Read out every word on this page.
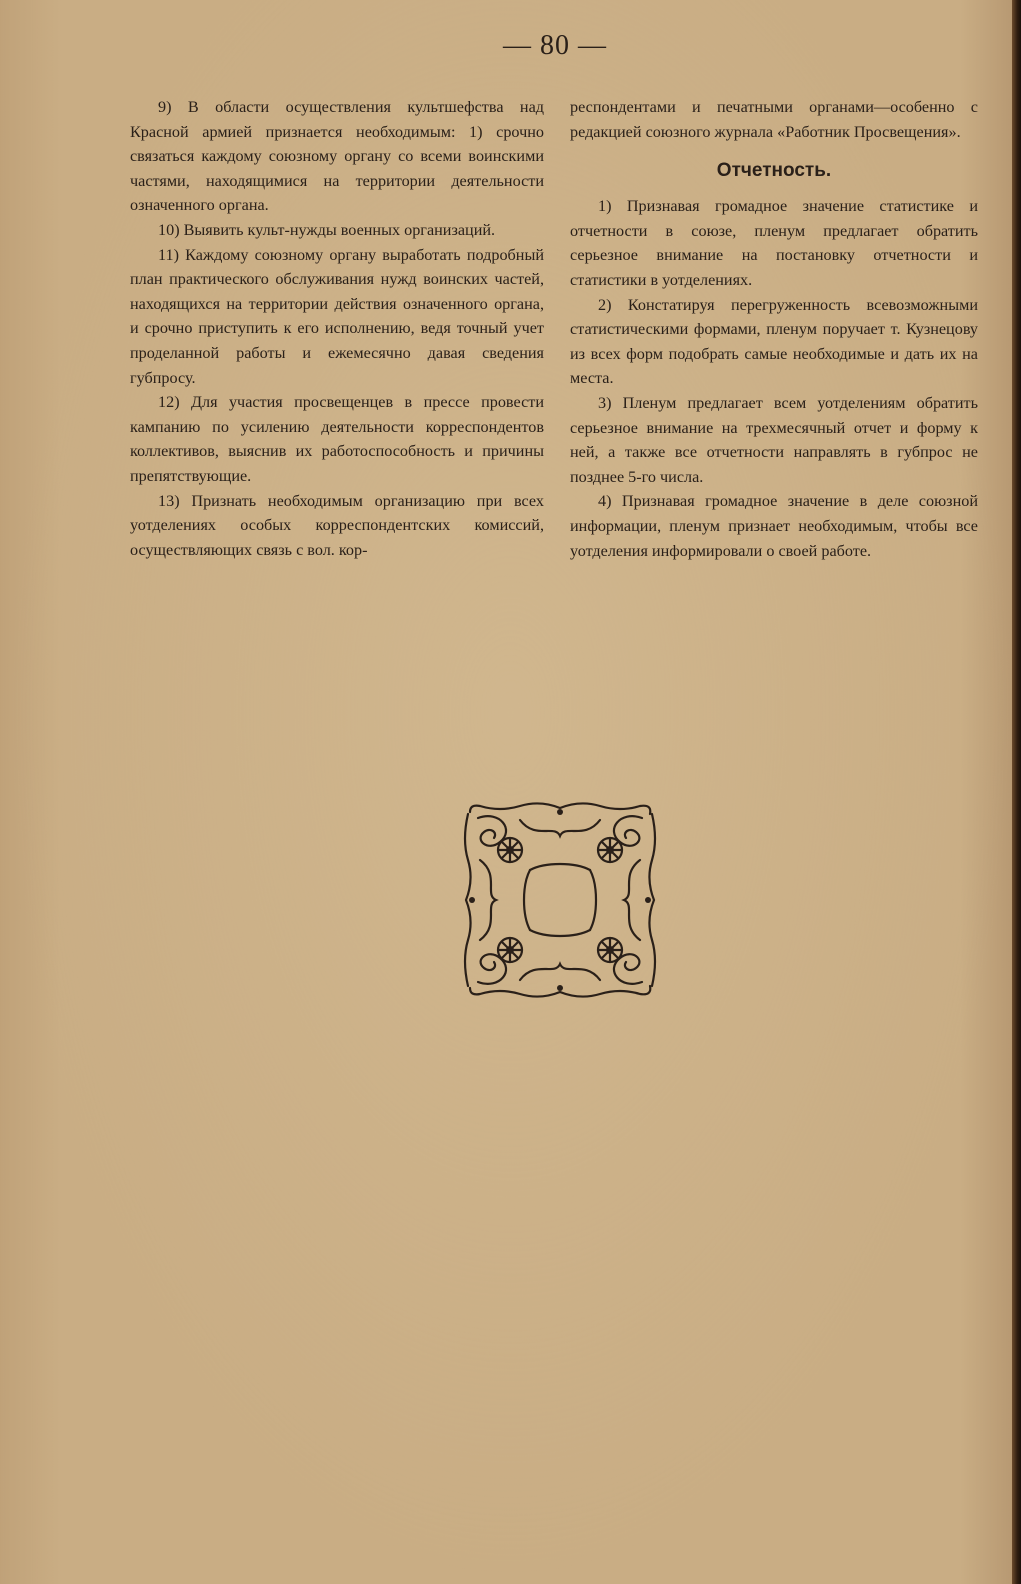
— 80 —

9) В области осуществления культшефства над Красной армией признается необходимым: 1) срочно связаться каждому союзному органу со всеми воинскими частями, находящимися на территории деятельности означенного органа.

10) Выявить культ-нужды военных организаций.

11) Каждому союзному органу выработать подробный план практического обслуживания нужд воинских частей, находящихся на территории действия означенного органа, и срочно приступить к его исполнению, ведя точный учет проделанной работы и ежемесячно давая сведения губпросу.

12) Для участия просвещенцев в прессе провести кампанию по усилению деятельности корреспондентов коллективов, выяснив их работоспособность и причины препятствующие.

13) Признать необходимым организацию при всех уотделениях особых корреспондентских комиссий, осуществляющих связь с вол. кор-

респондентами и печатными органами—особенно с редакцией союзного журнала «Работник Просвещения».

Отчетность.

1) Признавая громадное значение статистике и отчетности в союзе, пленум предлагает обратить серьезное внимание на постановку отчетности и статистики в уотделениях.

2) Констатируя перегруженность всевозможными статистическими формами, пленум поручает т. Кузнецову из всех форм подобрать самые необходимые и дать их на места.

3) Пленум предлагает всем уотделениям обратить серьезное внимание на трехмесячный отчет и форму к ней, а также все отчетности направлять в губпрос не позднее 5-го числа.

4) Признавая громадное значение в деле союзной информации, пленум признает необходимым, чтобы все уотделения информировали о своей работе.
